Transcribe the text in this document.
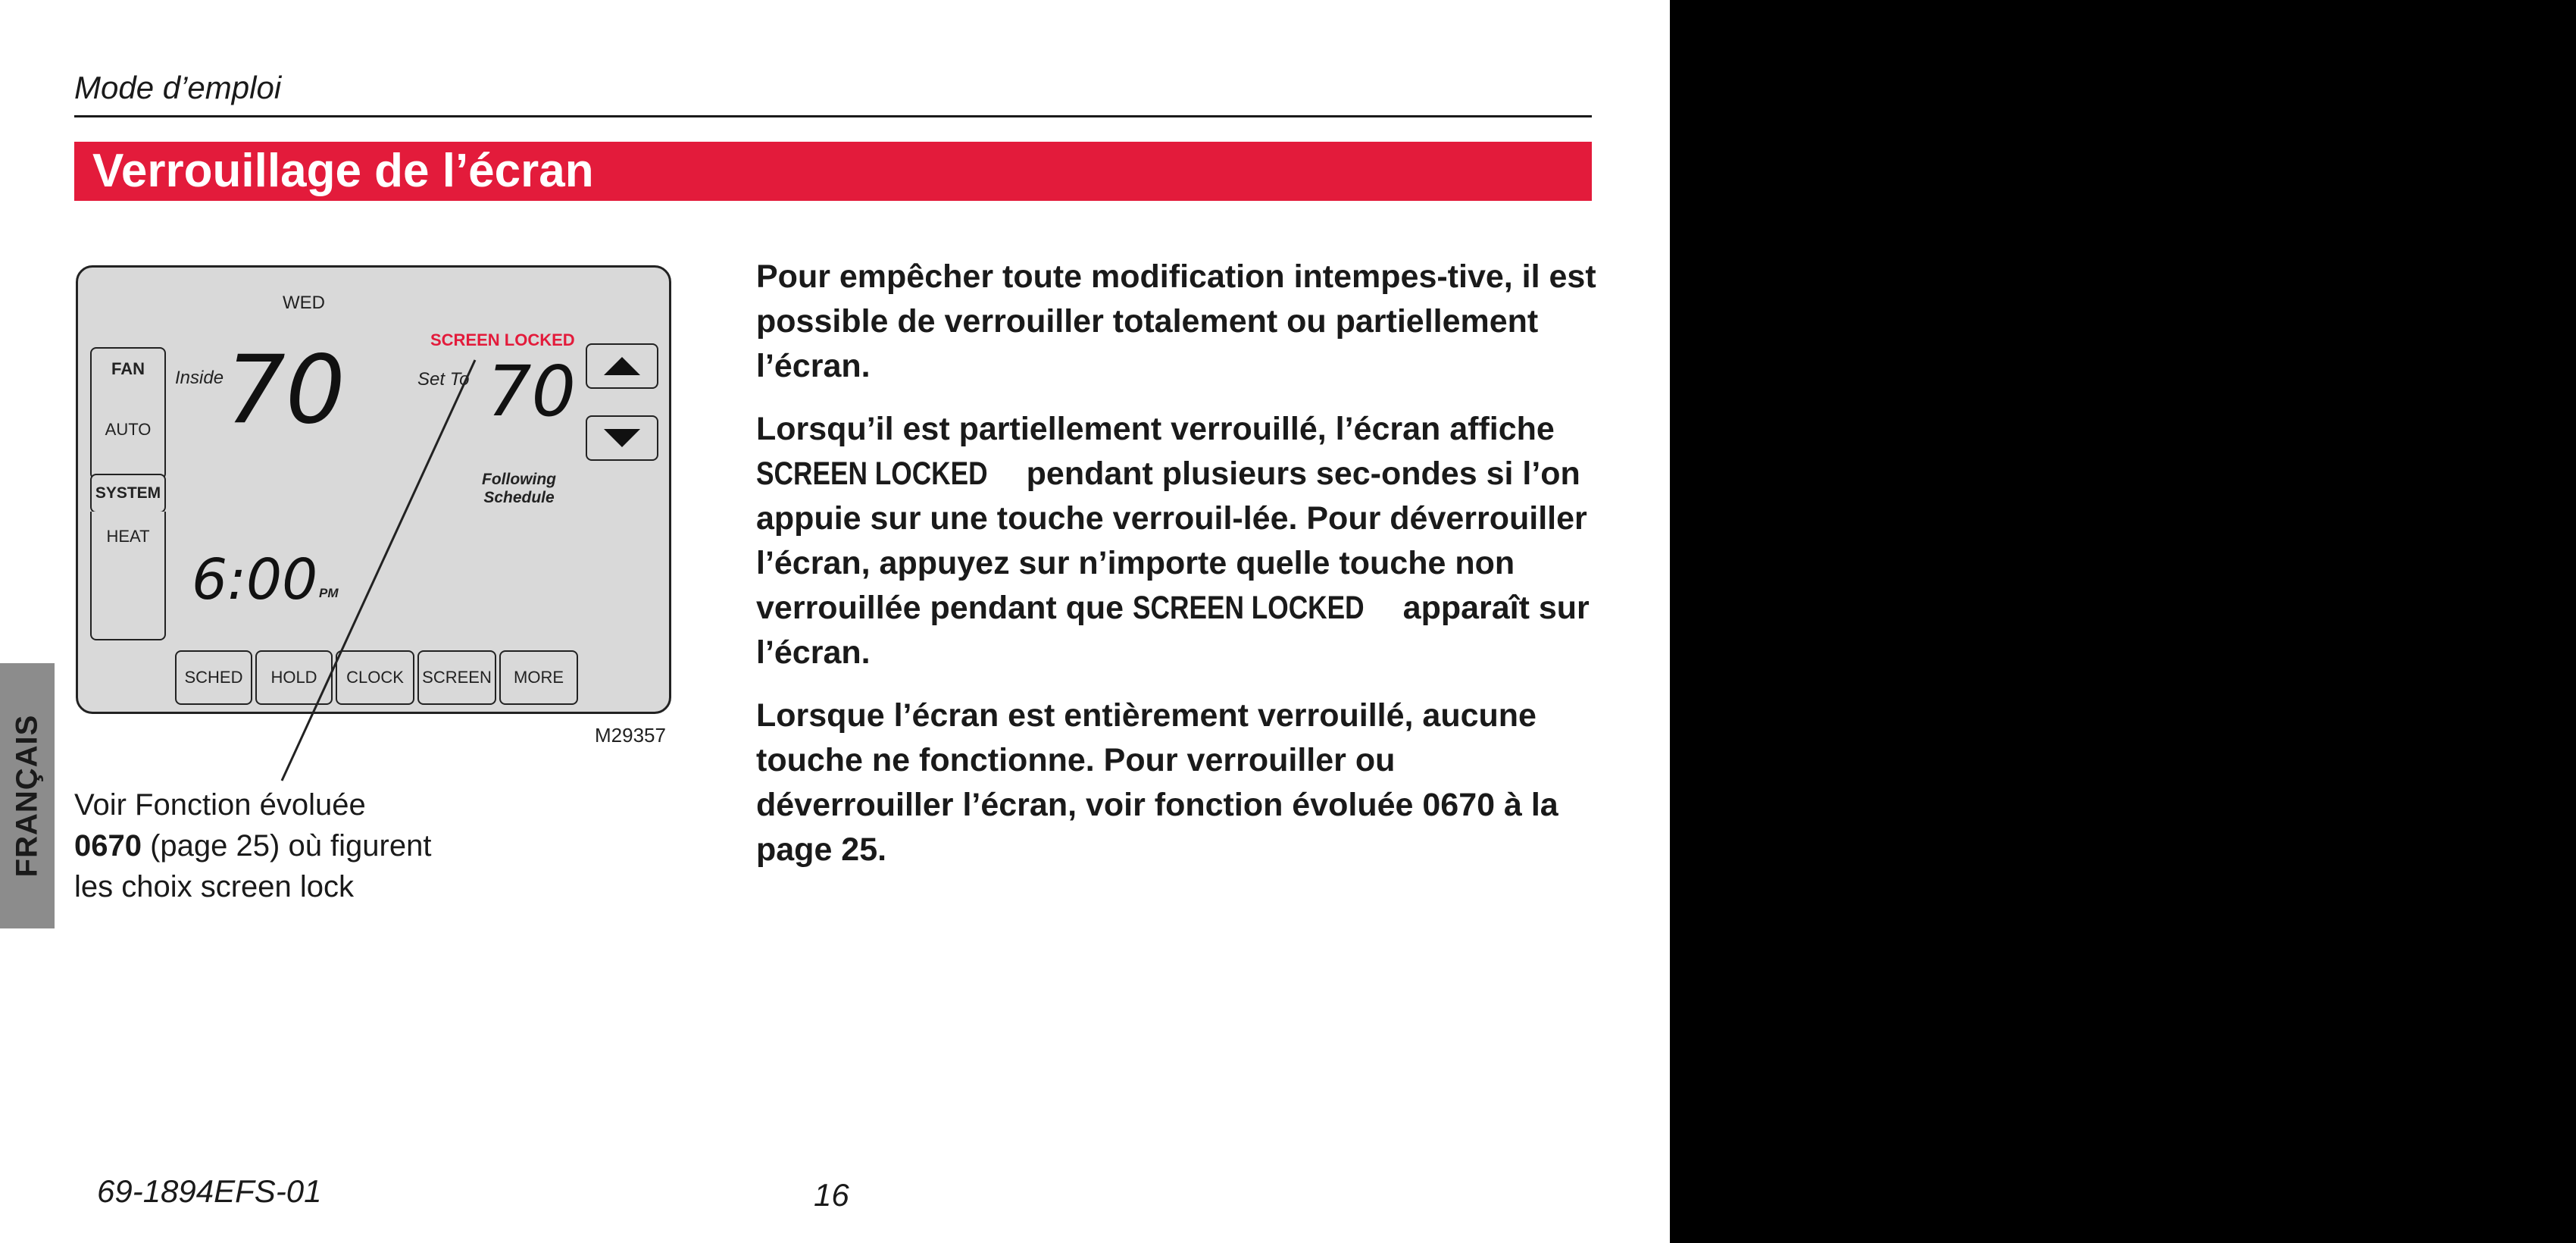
Mode d’emploi
Verrouillage de l’écran
FRANÇAIS
WED
FAN
AUTO
SYSTEM
HEAT
Inside 70	Set To 70
SCREEN LOCKED
Following
Schedule
6:00 PM
SCHED HOLD CLOCK SCREEN MORE
M29357
Voir Fonction évoluée
0670 (page 25) où figurent
les choix screen lock

Pour empêcher toute modification intempes-tive, il est possible de verrouiller totalement ou partiellement l’écran.

Lorsqu’il est partiellement verrouillé, l’écran affiche SCREEN LOCKED pendant plusieurs sec-ondes si l’on appuie sur une touche verrouil-lée. Pour déverrouiller l’écran, appuyez sur n’importe quelle touche non verrouillée pendant que SCREEN LOCKED apparaît sur l’écran.

Lorsque l’écran est entièrement verrouillé, aucune touche ne fonctionne. Pour verrouiller ou déverrouiller l’écran, voir fonction évoluée 0670 à la page 25.

69-1894EFS-01	16
